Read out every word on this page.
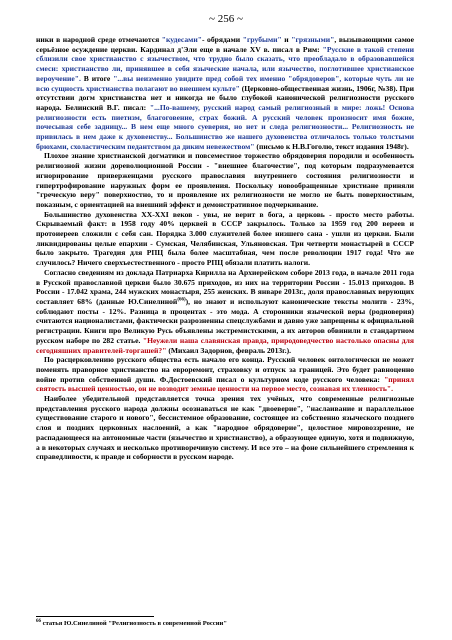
~ 256 ~

ники в народной среде отмечаются "кудесами"- обрядами "грубыми" и "грязными", вызывающими самое серьёзное осуждение церкви. Кардинал д'Эли еще в начале XV в. писал в Рим: "Русские в такой степени сблизили свое христианство с язычеством, что трудно было сказать, что преобладало в образовавшейся смеси: христианство ли, принявшее в себя языческие начала, или язычество, поглотившее христианское вероучение". В итоге "...вы неизменно увидите пред собой тех именно "обрядоверов", которые чуть ли не всю сущность христианства полагают во внешнем культе" (Церковно-общественная жизнь, 1906г, №38). При отсутствии догм христианства нет и никогда не было глубокой канонической религиозности русского народа. Белинский В.Г. писал: "...По-вашему, русский народ самый религиозный в мире: ложь! Основа религиозности есть пиетизм, благоговение, страх божий. А русский человек произносит имя божие, почесывая себе задницу... В нем еще много суеверия, но нет и следа религиозности... Религиозность не привилась в нем даже к духовенству... Большинство же нашего духовенства отличалось только толстыми брюхами, схоластическим педантством да диким невежеством" (письмо к Н.В.Гоголю, текст издания 1948г).

Плохое знание христианской догматики и повсеместное торжество обрядоверия породили и особенность религиозной жизни дореволюционной России - "внешнее благочестие", под которым подразумевается игнорирование приверженцами русского православия внутреннего состояния религиозности и гипертрофирование наружных форм ее проявления. Поскольку новообращенные христиане приняли "греческую веру" поверхностно, то и проявление их религиозности не могло не быть поверхностным, показным, с ориентацией на внешний эффект и демонстративное подчеркивание.

Большинство духовенства XX-XXI веков - увы, не верит в бога, а церковь - просто место работы. Скрываемый факт: в 1958 году 40% церквей в СССР закрылось. Только за 1959 год 200 вереев и протоиереев сложили с себя сан. Порядка 3.000 служителей более низшего сана - ушли из церкви. Были ликвидированы целые епархии - Сумская, Челябинская, Ульяновская. Три четверти монастырей в СССР было закрыто. Трагедия для РПЦ была более масштабная, чем после революции 1917 года! Что же случилось? Ничего сверхъестественного - просто РПЦ обязали платить налоги.

Согласно сведениям из доклада Патриарха Кирилла на Архиерейском соборе 2013 года, в начале 2011 года в Русской православной церкви было 30.675 приходов, из них на территории России - 15.013 приходов. В России - 17.042 храма, 244 мужских монастыря, 255 женских. В январе 2013г., доля православных верующих составляет 68% (данные Ю.Синелиной$^{(66)}$), но знают и используют канонические тексты молитв - 23%, соблюдают посты - 12%. Разница в процентах - это мода. А сторонники язычеcкой веры (родноверия) считаются националистами, фактически разрозненны спецслужбами и давно уже запрещены к официальной регистрации. Книги про Великую Русь объявлены экстремистскими, а их авторов обвинили в стандартном русском наборе по 282 статье. "Неужели наша славянская правда, природоведчество настолько опасны для сегодняшних правителей-торгашей?" (Михаил Задорнов, февраль 2013г.).

По расцерковлению русского общества есть начало его конца. Русский человек онтологически не может поменять праворное христианство на евроремонт, страховку и отпуск за границей. Это будет равноценно войне против собственной души. Ф.Достоевский писал о культурном коде русского человека: "принял святость высшей ценностью, он не возводит земные ценности на первое место, сознавая их тленность".

Наиболее убедительной представляется точка зрения тех учёных, что современные религиозные представления русского народа должны осознаваться не как "двоеверие", "наслаивание и параллельное существование старого и нового", бессистемное образование, состоящее из собственно языческого позднего слоя и поздних церковных наслоений, а как "народное обрядоверие", целостное мировоззрение, не распадающееся на автономные части (язычество и христианство), а образующее единую, хотя и подвижную, а в некоторых случаях и несколько противоречивую систему. И все это – на фоне сильнейшего стремления к справедливости, к правде и соборности в русском народе.

$^{66}$ статья Ю.Синелиной "Религиозность в современной России"
